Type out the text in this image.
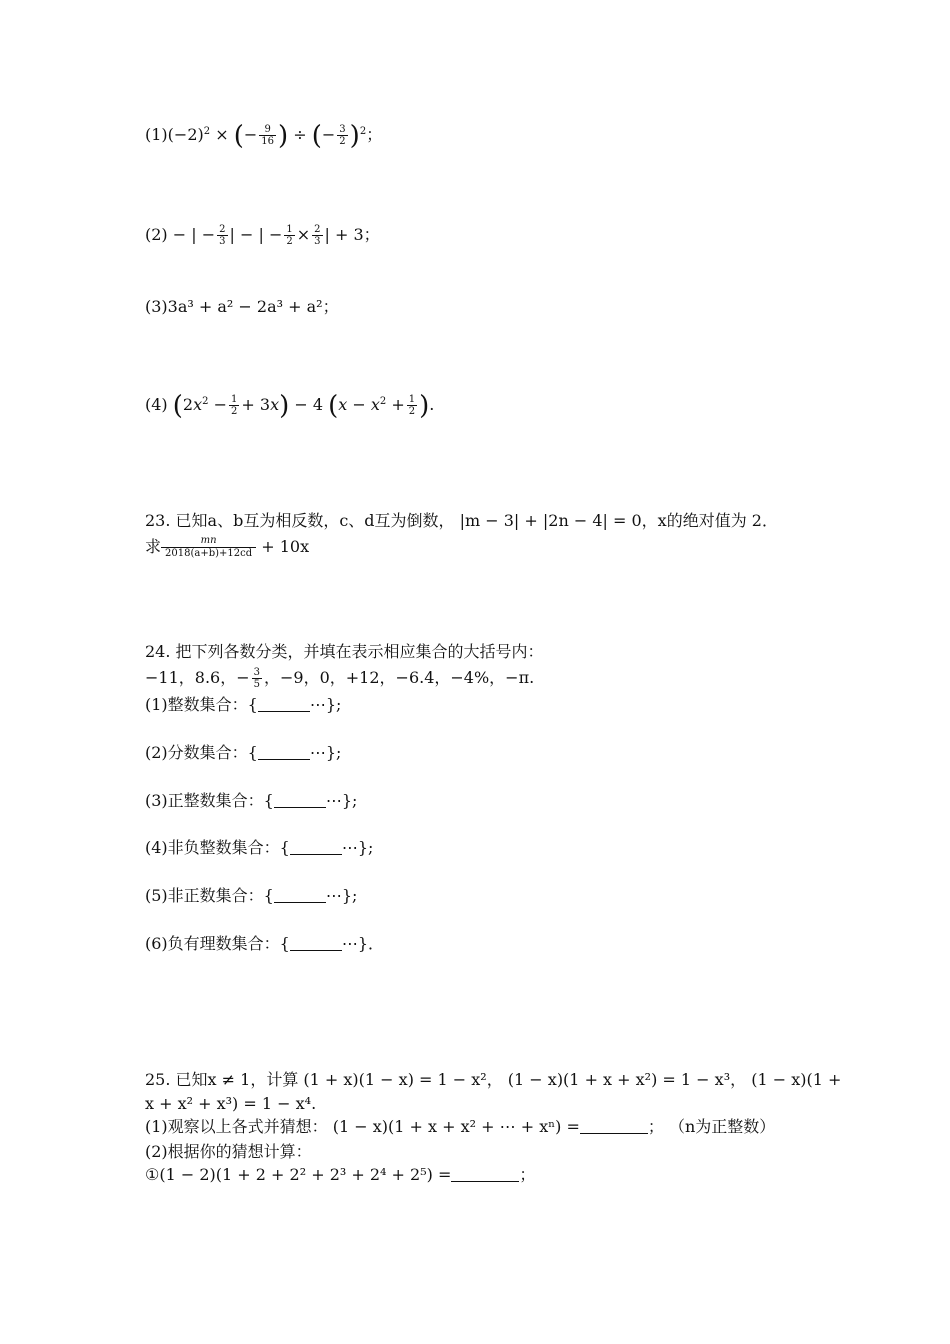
$(1)(-2)^2$ × (− $\frac{9}{16}$ ) ÷ (− $\frac{3}{2} )^2$；
(2) − | − $\frac{2}{3}$ | − | − $\frac{1}{2} \times \frac{2}{3}$ | + 3；
(3)3a³ + a² − 2a³ + a²；
(4) $(2x^2 - \frac{1}{2} + 3x) - 4$ ($x - x^2 + \frac{1}{2}$ ).
23. 已知a、b互为相反数，c、d互为倒数， |m − 3| + |2n − 4| = 0，x的绝对值为 2．
求 $\frac{mn}{2018(a+b)+12cd} + 10x$
24. 把下列各数分类，并填在表示相应集合的大括号内：
−11，8.6，− $\frac{3}{5}$ ，−9，0，+12，−6.4，−4%，−π.
(1)整数集合：{	⋯};
(2)分数集合：{	⋯};
(3)正整数集合：{	⋯};
(4)非负整数集合：{	⋯};
(5)非正数集合：{	⋯};
(6)负有理数集合：{	⋯}．
25. 已知x ≠ 1，计算 (1 + x)(1 − x) = 1 − x²， (1 − x)(1 + x + x²) = 1 − x³， (1 − x)(1 +
x + x² + x³) = 1 − x⁴.
(1)观察以上各式并猜想： (1 − x)(1 + x + x² + ⋯ + xⁿ) =	； （n为正整数）
(2)根据你的猜想计算：
①(1 − 2)(1 + 2 + 2² + 2³ + 2⁴ + 2⁵) =	；
